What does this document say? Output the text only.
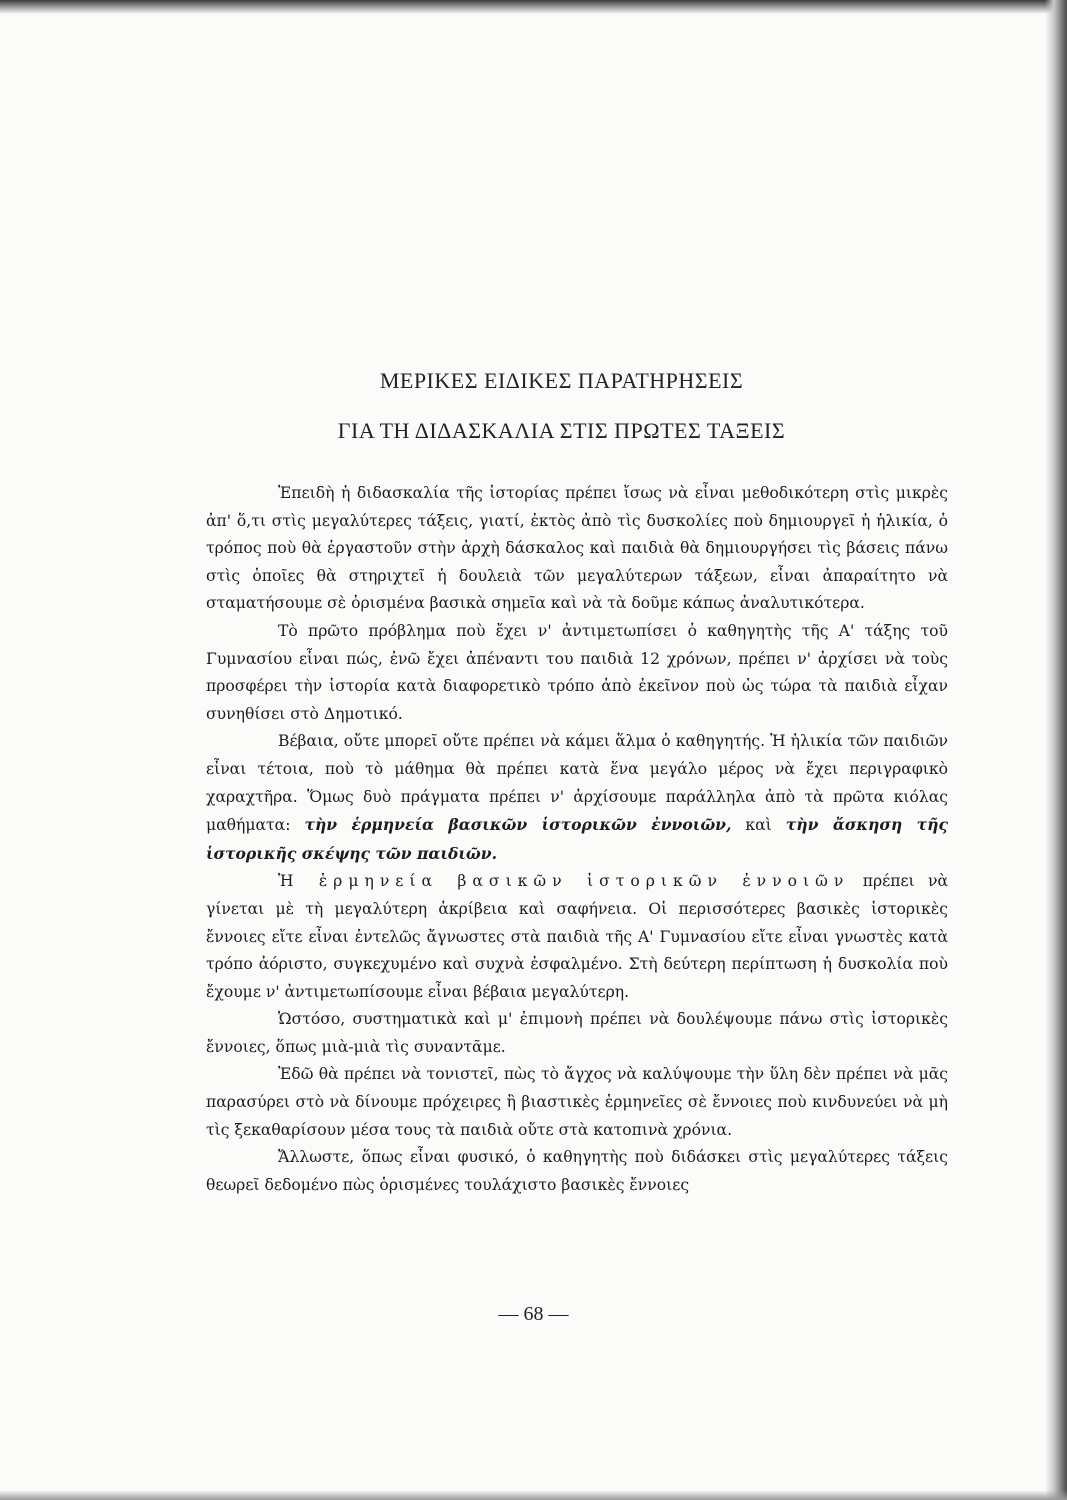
ΜΕΡΙΚΕΣ ΕΙΔΙΚΕΣ ΠΑΡΑΤΗΡΗΣΕΙΣ
ΓΙΑ ΤΗ ΔΙΔΑΣΚΑΛΙΑ ΣΤΙΣ ΠΡΩΤΕΣ ΤΑΞΕΙΣ

Ἐπειδὴ ἡ διδασκαλία τῆς ἱστορίας πρέπει ἴσως νὰ εἶναι μεθοδικότερη στὶς μικρὲς ἀπ' ὅ,τι στὶς μεγαλύτερες τάξεις, γιατί, ἐκτὸς ἀπὸ τὶς δυσκολίες ποὺ δημιουργεῖ ἡ ἡλικία, ὁ τρόπος ποὺ θὰ ἐργαστοῦν στὴν ἀρχὴ δάσκαλος καὶ παιδιὰ θὰ δημιουργήσει τὶς βάσεις πάνω στὶς ὁποῖες θὰ στηριχτεῖ ἡ δουλειὰ τῶν μεγαλύτερων τάξεων, εἶναι ἀπαραίτητο νὰ σταματήσουμε σὲ ὁρισμένα βασικὰ σημεῖα καὶ νὰ τὰ δοῦμε κάπως ἀναλυτικότερα.

Τὸ πρῶτο πρόβλημα ποὺ ἔχει ν' ἀντιμετωπίσει ὁ καθηγητὴς τῆς Α' τάξης τοῦ Γυμνασίου εἶναι πώς, ἐνῶ ἔχει ἀπέναντι του παιδιὰ 12 χρόνων, πρέπει ν' ἀρχίσει νὰ τοὺς προσφέρει τὴν ἱστορία κατὰ διαφορετικὸ τρόπο ἀπὸ ἐκεῖνον ποὺ ὡς τώρα τὰ παιδιὰ εἶχαν συνηθίσει στὸ Δημοτικό.

Βέβαια, οὔτε μπορεῖ οὔτε πρέπει νὰ κάμει ἅλμα ὁ καθηγητής. Ἡ ἡλικία τῶν παιδιῶν εἶναι τέτοια, ποὺ τὸ μάθημα θὰ πρέπει κατὰ ἕνα μεγάλο μέρος νὰ ἔχει περιγραφικὸ χαραχτῆρα. Ὅμως δυὸ πράγματα πρέπει ν' ἀρχίσουμε παράλληλα ἀπὸ τὰ πρῶτα κιόλας μαθήματα: τὴν ἑρμηνεία βασικῶν ἱστορικῶν ἐννοιῶν, καὶ τὴν ἄσκηση τῆς ἱστορικῆς σκέψης τῶν παιδιῶν.

Ἡ ἑρμηνεία βασικῶν ἱστορικῶν ἐννοιῶν πρέπει νὰ γίνεται μὲ τὴ μεγαλύτερη ἀκρίβεια καὶ σαφήνεια. Οἱ περισσότερες βασικὲς ἱστορικὲς ἔννοιες εἴτε εἶναι ἐντελῶς ἄγνωστες στὰ παιδιὰ τῆς Α' Γυμνασίου εἴτε εἶναι γνωστὲς κατὰ τρόπο ἀόριστο, συγκεχυμένο καὶ συχνὰ ἐσφαλμένο. Στὴ δεύτερη περίπτωση ἡ δυσκολία ποὺ ἔχουμε ν' ἀντιμετωπίσουμε εἶναι βέβαια μεγαλύτερη.

Ὡστόσο, συστηματικὰ καὶ μ' ἐπιμονὴ πρέπει νὰ δουλέψουμε πάνω στὶς ἱστορικὲς ἔννοιες, ὅπως μιὰ-μιὰ τὶς συναντᾶμε.

Ἐδῶ θὰ πρέπει νὰ τονιστεῖ, πὼς τὸ ἄγχος νὰ καλύψουμε τὴν ὕλη δὲν πρέπει νὰ μᾶς παρασύρει στὸ νὰ δίνουμε πρόχειρες ἢ βιαστικὲς ἑρμηνεῖες σὲ ἔννοιες ποὺ κινδυνεύει νὰ μὴ τὶς ξεκαθαρίσουν μέσα τους τὰ παιδιὰ οὔτε στὰ κατοπινὰ χρόνια.

Ἄλλωστε, ὅπως εἶναι φυσικό, ὁ καθηγητὴς ποὺ διδάσκει στὶς μεγαλύτερες τάξεις θεωρεῖ δεδομένο πὼς ὁρισμένες τουλάχιστο βασικὲς ἔννοιες

— 68 —
